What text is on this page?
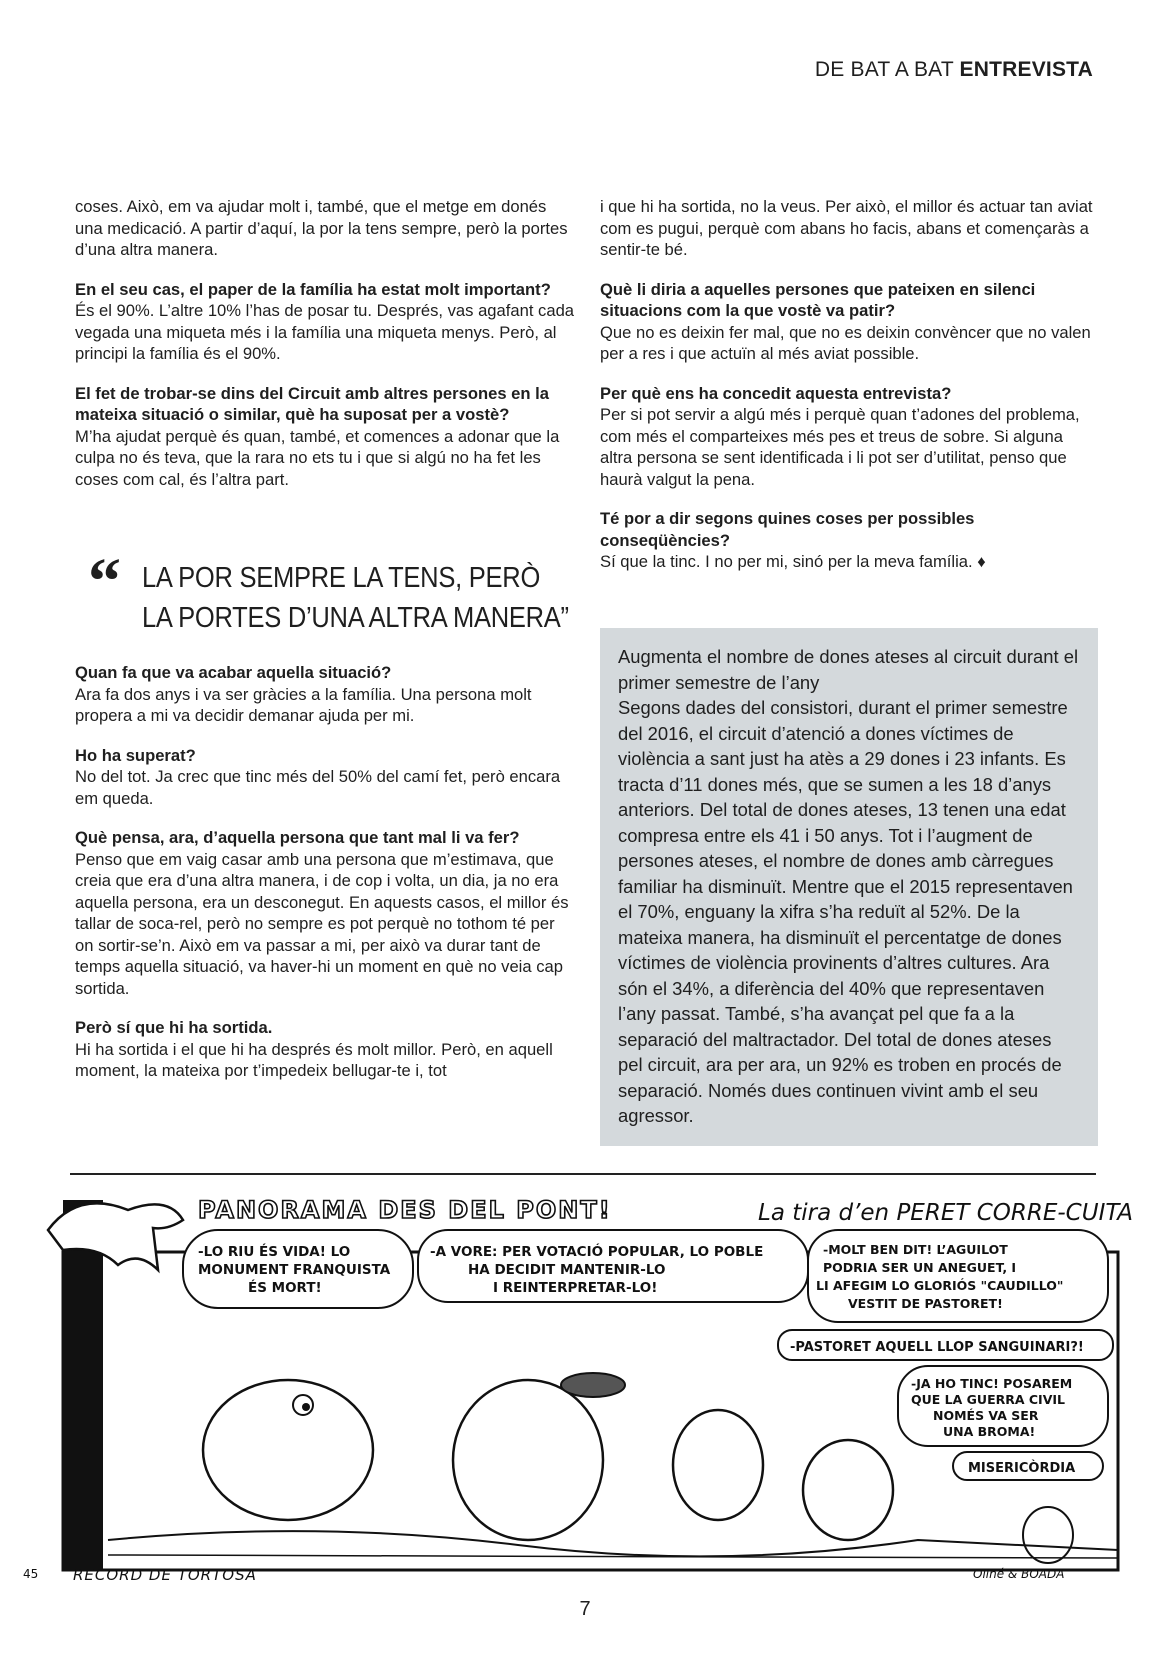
DE BAT A BAT ENTREVISTA

coses. Això, em va ajudar molt i, també, que el metge em donés una medicació. A partir d’aquí, la por la tens sempre, però la portes d’una altra manera.

En el seu cas, el paper de la família ha estat molt important?

És el 90%. L’altre 10% l’has de posar tu. Després, vas agafant cada vegada una miqueta més i la família una miqueta menys. Però, al principi la família és el 90%.

El fet de trobar-se dins del Circuit amb altres persones en la mateixa situació o similar, què ha suposat per a vostè?

M’ha ajudat perquè és quan, també, et comences a adonar que la culpa no és teva, que la rara no ets tu i que si algú no ha fet les coses com cal, és l’altra part.

“ LA POR SEMPRE LA TENS, PERÒ
LA PORTES D’UNA ALTRA MANERA”

Quan fa que va acabar aquella situació?

Ara fa dos anys i va ser gràcies a la família. Una persona molt propera a mi va decidir demanar ajuda per mi.

Ho ha superat?

No del tot. Ja crec que tinc més del 50% del camí fet, però encara em queda.

Què pensa, ara, d’aquella persona que tant mal li va fer?

Penso que em vaig casar amb una persona que m’estimava, que creia que era d’una altra manera, i de cop i volta, un dia, ja no era aquella persona, era un desconegut. En aquests casos, el millor és tallar de soca-rel, però no sempre es pot perquè no tothom té per on sortir-se’n. Això em va passar a mi, per això va durar tant de temps aquella situació, va haver-hi un moment en què no veia cap sortida.

Però sí que hi ha sortida.

Hi ha sortida i el que hi ha després és molt millor. Però, en aquell moment, la mateixa por t’impedeix bellugar-te i, tot

i que hi ha sortida, no la veus. Per això, el millor és actuar tan aviat com es pugui, perquè com abans ho facis, abans et començaràs a sentir-te bé.

Què li diria a aquelles persones que pateixen en silenci situacions com la que vostè va patir?

Que no es deixin fer mal, que no es deixin convèncer que no valen per a res i que actuïn al més aviat possible.

Per què ens ha concedit aquesta entrevista?

Per si pot servir a algú més i perquè quan t’adones del problema, com més el comparteixes més pes et treus de sobre. Si alguna altra persona se sent identificada i li pot ser d’utilitat, penso que haurà valgut la pena.

Té por a dir segons quines coses per possibles conseqüències?

Sí que la tinc. I no per mi, sinó per la meva família. ♦

Augmenta el nombre de dones ateses al circuit durant el primer semestre de l’any

Segons dades del consistori, durant el primer semestre del 2016, el circuit d’atenció a dones víctimes de violència a sant just ha atès a 29 dones i 23 infants. Es tracta d’11 dones més, que se sumen a les 18 d’anys anteriors. Del total de dones ateses, 13 tenen una edat compresa entre els 41 i 50 anys. Tot i l’augment de persones ateses, el nombre de dones amb càrregues familiar ha disminuït. Mentre que el 2015 representaven el 70%, enguany la xifra s’ha reduït al 52%. De la mateixa manera, ha disminuït el percentatge de dones víctimes de violència provinents d’altres cultures. Ara són el 34%, a diferència del 40% que representaven l’any passat. També, s’ha avançat pel que fa a la separació del maltractador. Del total de dones ateses pel circuit, ara per ara, un 92% es troben en procés de separació. Només dues continuen vivint amb el seu agressor.

PANORAMA DES DEL PONT!	La tira d’en PERET CORRE-CUITA
-LO RIU ÉS VIDA! LO MONUMENT FRANQUISTA ÉS MORT!
-A VORE: PER VOTACIÓ POPULAR, LO POBLE HA DECIDIT MANTENIR-LO I REINTERPRETAR-LO!
-MOLT BEN DIT! L’AGUILOT PODRIA SER UN ANEGUET, I LI AFEGIM LO GLORIÓS "CAUDILLO" VESTIT DE PASTORET!
-PASTORET AQUELL LLOP SANGUINARI?!
-JA HO TINC! POSAREM QUE LA GUERRA CIVIL NOMÉS VA SER UNA BROMA!
MISERICÒRDIA
45 RECORD DE TORTOSA	Oliné & BOADA
7
